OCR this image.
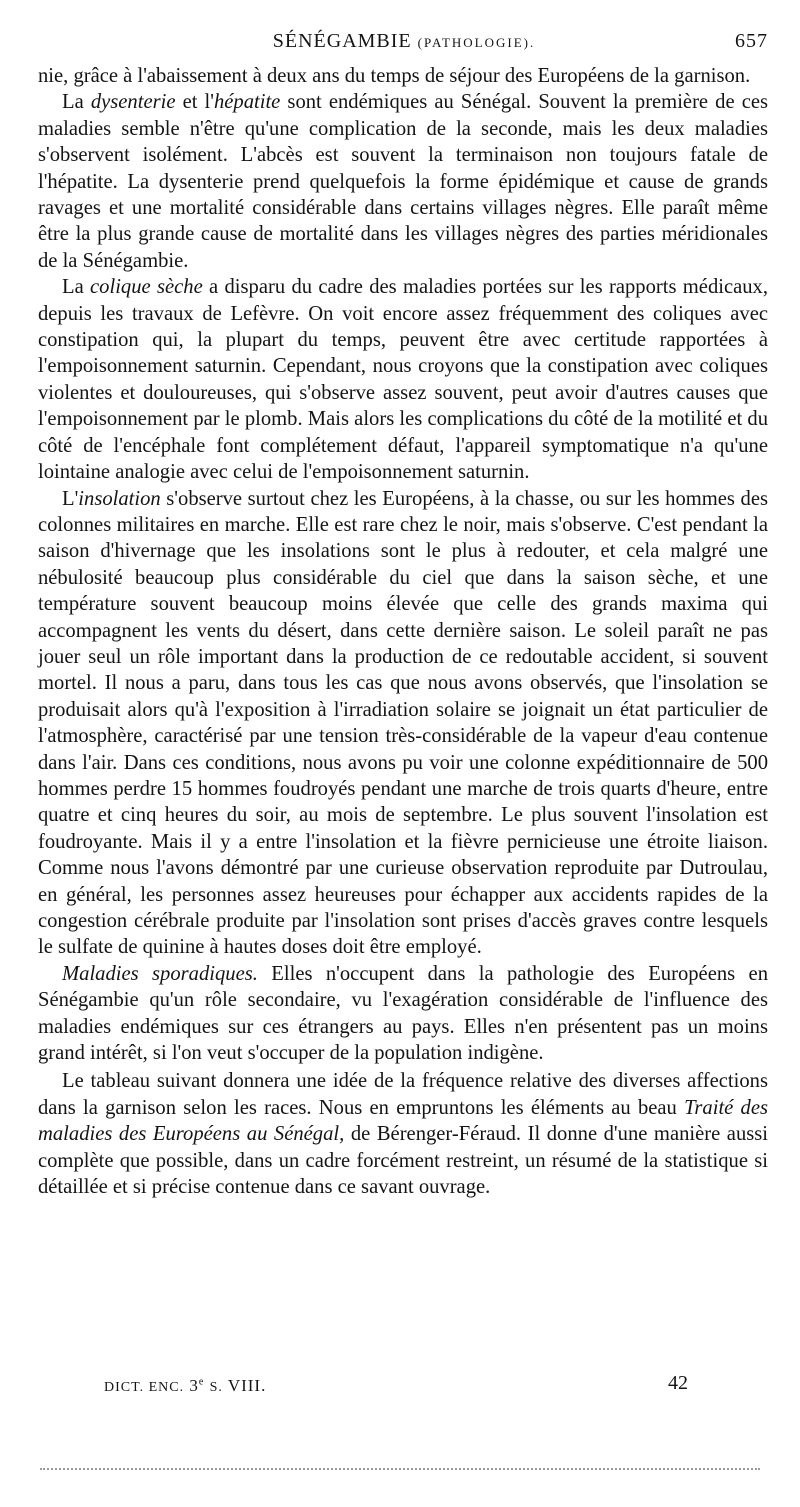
SÉNÉGAMBIE (PATHOLOGIE).	657

nie, grâce à l'abaissement à deux ans du temps de séjour des Européens de la garnison.

La dysenterie et l'hépatite sont endémiques au Sénégal. Souvent la première de ces maladies semble n'être qu'une complication de la seconde, mais les deux maladies s'observent isolément. L'abcès est souvent la terminaison non toujours fatale de l'hépatite. La dysenterie prend quelquefois la forme épidémique et cause de grands ravages et une mortalité considérable dans certains villages nègres. Elle paraît même être la plus grande cause de mortalité dans les villages nègres des parties méridionales de la Sénégambie.

La colique sèche a disparu du cadre des maladies portées sur les rapports médicaux, depuis les travaux de Lefèvre. On voit encore assez fréquemment des coliques avec constipation qui, la plupart du temps, peuvent être avec certitude rapportées à l'empoisonnement saturnin. Cependant, nous croyons que la constipation avec coliques violentes et douloureuses, qui s'observe assez souvent, peut avoir d'autres causes que l'empoisonnement par le plomb. Mais alors les complications du côté de la motilité et du côté de l'encéphale font complétement défaut, l'appareil symptomatique n'a qu'une lointaine analogie avec celui de l'empoisonnement saturnin.

L'insolation s'observe surtout chez les Européens, à la chasse, ou sur les hommes des colonnes militaires en marche. Elle est rare chez le noir, mais s'observe. C'est pendant la saison d'hivernage que les insolations sont le plus à redouter, et cela malgré une nébulosité beaucoup plus considérable du ciel que dans la saison sèche, et une température souvent beaucoup moins élevée que celle des grands maxima qui accompagnent les vents du désert, dans cette dernière saison. Le soleil paraît ne pas jouer seul un rôle important dans la production de ce redoutable accident, si souvent mortel. Il nous a paru, dans tous les cas que nous avons observés, que l'insolation se produisait alors qu'à l'exposition à l'irradiation solaire se joignait un état particulier de l'atmosphère, caractérisé par une tension très-considérable de la vapeur d'eau contenue dans l'air. Dans ces conditions, nous avons pu voir une colonne expéditionnaire de 500 hommes perdre 15 hommes foudroyés pendant une marche de trois quarts d'heure, entre quatre et cinq heures du soir, au mois de septembre. Le plus souvent l'insolation est foudroyante. Mais il y a entre l'insolation et la fièvre pernicieuse une étroite liaison. Comme nous l'avons démontré par une curieuse observation reproduite par Dutroulau, en général, les personnes assez heureuses pour échapper aux accidents rapides de la congestion cérébrale produite par l'insolation sont prises d'accès graves contre lesquels le sulfate de quinine à hautes doses doit être employé.

Maladies sporadiques. Elles n'occupent dans la pathologie des Européens en Sénégambie qu'un rôle secondaire, vu l'exagération considérable de l'influence des maladies endémiques sur ces étrangers au pays. Elles n'en présentent pas un moins grand intérêt, si l'on veut s'occuper de la population indigène.

Le tableau suivant donnera une idée de la fréquence relative des diverses affections dans la garnison selon les races. Nous en empruntons les éléments au beau Traité des maladies des Européens au Sénégal, de Bérenger-Féraud. Il donne d'une manière aussi complète que possible, dans un cadre forcément restreint, un résumé de la statistique si détaillée et si précise contenue dans ce savant ouvrage.

DICT. ENC. 3e S. VIII.	42
